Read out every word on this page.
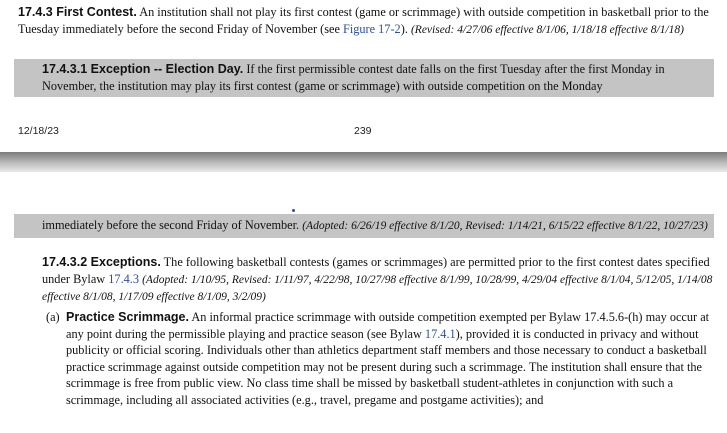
17.4.3 First Contest. An institution shall not play its first contest (game or scrimmage) with outside competition in basketball prior to the Tuesday immediately before the second Friday of November (see Figure 17-2). (Revised: 4/27/06 effective 8/1/06, 1/18/18 effective 8/1/18)
17.4.3.1 Exception -- Election Day. If the first permissible contest date falls on the first Tuesday after the first Monday in November, the institution may play its first contest (game or scrimmage) with outside competition on the Monday
12/18/23	239
immediately before the second Friday of November. (Adopted: 6/26/19 effective 8/1/20, Revised: 1/14/21, 6/15/22 effective 8/1/22, 10/27/23)
17.4.3.2 Exceptions. The following basketball contests (games or scrimmages) are permitted prior to the first contest dates specified under Bylaw 17.4.3 (Adopted: 1/10/95, Revised: 1/11/97, 4/22/98, 10/27/98 effective 8/1/99, 10/28/99, 4/29/04 effective 8/1/04, 5/12/05, 1/14/08 effective 8/1/08, 1/17/09 effective 8/1/09, 3/2/09)
(a) Practice Scrimmage. An informal practice scrimmage with outside competition exempted per Bylaw 17.4.5.6-(h) may occur at any point during the permissible playing and practice season (see Bylaw 17.4.1), provided it is conducted in privacy and without publicity or official scoring. Individuals other than athletics department staff members and those necessary to conduct a basketball practice scrimmage against outside competition may not be present during such a scrimmage. The institution shall ensure that the scrimmage is free from public view. No class time shall be missed by basketball student-athletes in conjunction with such a scrimmage, including all associated activities (e.g., travel, pregame and postgame activities); and
